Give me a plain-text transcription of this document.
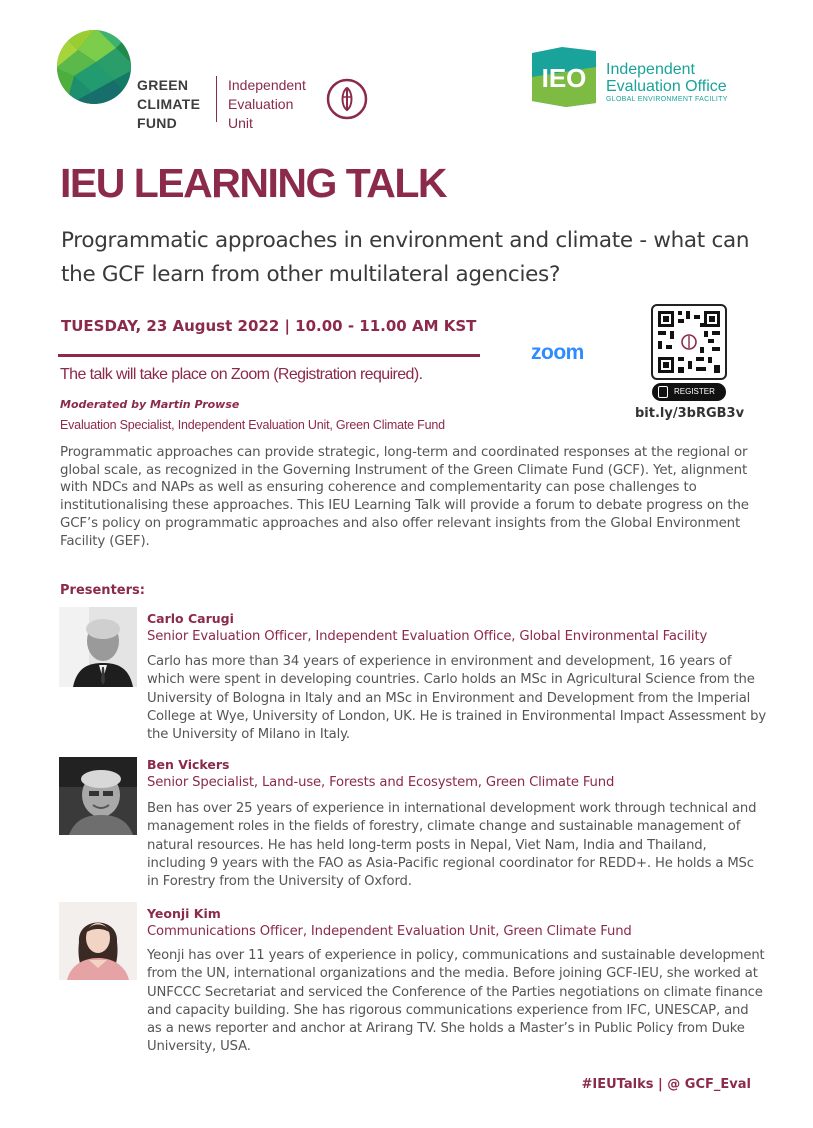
GREEN
CLIMATE
FUND
Independent
Evaluation
Unit
IEO Independent
Evaluation Office
GLOBAL ENVIRONMENT FACILITY
IEU LEARNING TALK
Programmatic approaches in environment and climate - what can the GCF learn from other multilateral agencies?
TUESDAY, 23 August 2022 | 10.00 - 11.00 AM KST
The talk will take place on Zoom (Registration required).
Moderated by Martin Prowse
Evaluation Specialist, Independent Evaluation Unit, Green Climate Fund
zoom
REGISTER
bit.ly/3bRGB3v
Programmatic approaches can provide strategic, long-term and coordinated responses at the regional or global scale, as recognized in the Governing Instrument of the Green Climate Fund (GCF). Yet, alignment with NDCs and NAPs as well as ensuring coherence and complementarity can pose challenges to institutionalising these approaches. This IEU Learning Talk will provide a forum to debate progress on the GCF’s policy on programmatic approaches and also offer relevant insights from the Global Environment Facility (GEF).
Presenters:
Carlo Carugi
Senior Evaluation Officer, Independent Evaluation Office, Global Environmental Facility
Carlo has more than 34 years of experience in environment and development, 16 years of which were spent in developing countries. Carlo holds an MSc in Agricultural Science from the University of Bologna in Italy and an MSc in Environment and Development from the Imperial College at Wye, University of London, UK. He is trained in Environmental Impact Assessment by the University of Milano in Italy.
Ben Vickers
Senior Specialist, Land-use, Forests and Ecosystem, Green Climate Fund
Ben has over 25 years of experience in international development work through technical and management roles in the fields of forestry, climate change and sustainable management of natural resources. He has held long-term posts in Nepal, Viet Nam, India and Thailand, including 9 years with the FAO as Asia-Pacific regional coordinator for REDD+. He holds a MSc in Forestry from the University of Oxford.
Yeonji Kim
Communications Officer, Independent Evaluation Unit, Green Climate Fund
Yeonji has over 11 years of experience in policy, communications and sustainable development from the UN, international organizations and the media. Before joining GCF-IEU, she worked at UNFCCC Secretariat and serviced the Conference of the Parties negotiations on climate finance and capacity building. She has rigorous communications experience from IFC, UNESCAP, and as a news reporter and anchor at Arirang TV. She holds a Master’s in Public Policy from Duke University, USA.
#IEUTalks | @ GCF_Eval
